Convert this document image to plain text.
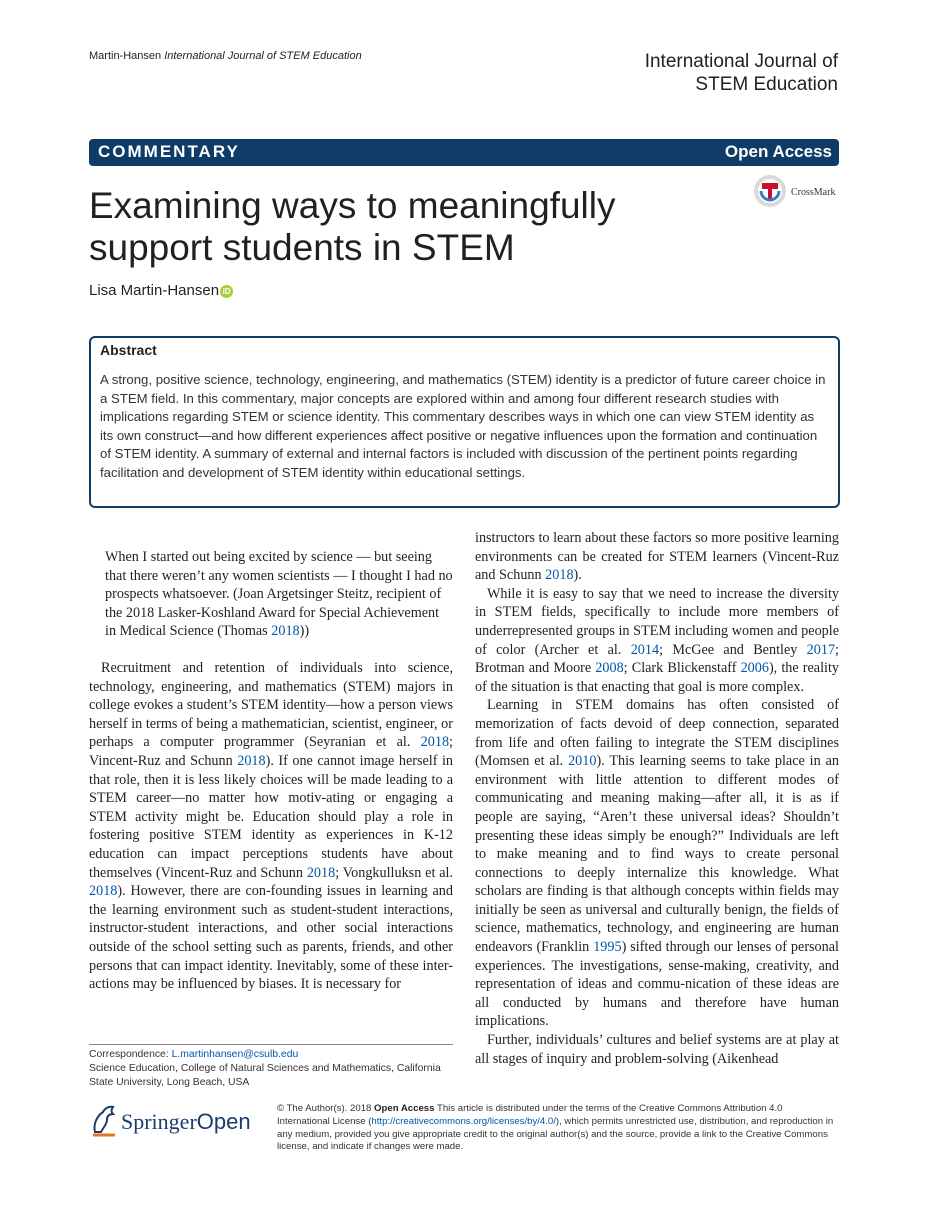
Martin-Hansen International Journal of STEM Education	International Journal of
STEM Education
COMMENTARY	Open Access
Examining ways to meaningfully support students in STEM
CrossMark
Lisa Martin-Hansen iD
Abstract
A strong, positive science, technology, engineering, and mathematics (STEM) identity is a predictor of future career choice in a STEM field. In this commentary, major concepts are explored within and among four different research studies with implications regarding STEM or science identity. This commentary describes ways in which one can view STEM identity as its own construct—and how different experiences affect positive or negative influences upon the formation and continuation of STEM identity. A summary of external and internal factors is included with discussion of the pertinent points regarding facilitation and development of STEM identity within educational settings.
When I started out being excited by science — but seeing that there weren’t any women scientists — I thought I had no prospects whatsoever. (Joan Argetsinger Steitz, recipient of the 2018 Lasker-Koshland Award for Special Achievement in Medical Science (Thomas 2018))

Recruitment and retention of individuals into science, technology, engineering, and mathematics (STEM) majors in college evokes a student’s STEM identity—how a person views herself in terms of being a mathematician, scientist, engineer, or perhaps a computer programmer (Seyranian et al. 2018; Vincent-Ruz and Schunn 2018). If one cannot image herself in that role, then it is less likely choices will be made leading to a STEM career—no matter how motiv-ating or engaging a STEM activity might be. Education should play a role in fostering positive STEM identity as experiences in K-12 education can impact perceptions students have about themselves (Vincent-Ruz and Schunn 2018; Vongkulluksn et al. 2018). However, there are con-founding issues in learning and the learning environment such as student-student interactions, instructor-student interactions, and other social interactions outside of the school setting such as parents, friends, and other persons that can impact identity. Inevitably, some of these inter-actions may be influenced by biases. It is necessary for

instructors to learn about these factors so more positive learning environments can be created for STEM learners (Vincent-Ruz and Schunn 2018).

While it is easy to say that we need to increase the diversity in STEM fields, specifically to include more members of underrepresented groups in STEM including women and people of color (Archer et al. 2014; McGee and Bentley 2017; Brotman and Moore 2008; Clark Blickenstaff 2006), the reality of the situation is that enacting that goal is more complex.

Learning in STEM domains has often consisted of memorization of facts devoid of deep connection, separated from life and often failing to integrate the STEM disciplines (Momsen et al. 2010). This learning seems to take place in an environment with little attention to different modes of communicating and meaning making—after all, it is as if people are saying, “Aren’t these universal ideas? Shouldn’t presenting these ideas simply be enough?” Individuals are left to make meaning and to find ways to create personal connections to deeply internalize this knowledge. What scholars are finding is that although concepts within fields may initially be seen as universal and culturally benign, the fields of science, mathematics, technology, and engineering are human endeavors (Franklin 1995) sifted through our lenses of personal experiences. The investigations, sense-making, creativity, and representation of ideas and commu-nication of these ideas are all conducted by humans and therefore have human implications.

Further, individuals’ cultures and belief systems are at play at all stages of inquiry and problem-solving (Aikenhead

Correspondence: L.martinhansen@csulb.edu
Science Education, College of Natural Sciences and Mathematics, California State University, Long Beach, USA
SpringerOpen
© The Author(s). 2018 Open Access This article is distributed under the terms of the Creative Commons Attribution 4.0 International License (http://creativecommons.org/licenses/by/4.0/), which permits unrestricted use, distribution, and reproduction in any medium, provided you give appropriate credit to the original author(s) and the source, provide a link to the Creative Commons license, and indicate if changes were made.
